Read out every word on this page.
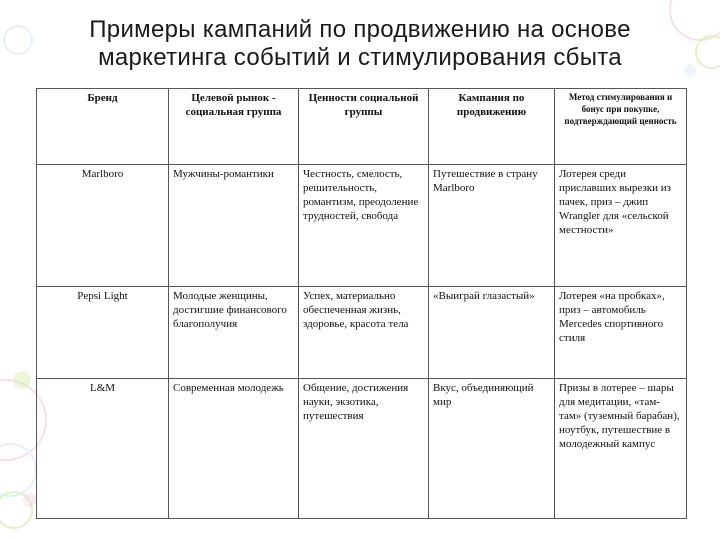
Примеры кампаний по продвижению на основе
маркетинга событий и стимулирования сбыта
Бренд	Целевой рынок - социальная группа	Ценности социальной группы	Кампания по продвижению	Метод стимулирования и бонус при покупке, подтверждающий ценность
Marlboro	Мужчины-романтики	Честность, смелость, решительность, романтизм, преодоление трудностей, свобода	Путешествие в страну Marlboro	Лотерея среди приславших вырезки из пачек, приз – джип Wrangler для «сельской местности»
Pepsi Light	Молодые женщины, достигшие финансового благополучия	Успех, материально обеспеченная жизнь, здоровье, красота тела	«Выиграй глазастый»	Лотерея «на пробках», приз – автомобиль Mercedes спортивного стиля
L&M	Современная молодежь	Общение, достижения науки, экзотика, путешествия	Вкус, объединяющий мир	Призы в лотерее – шары для медитации, «там-там» (туземный барабан), ноутбук, путешествие в молодежный кампус
